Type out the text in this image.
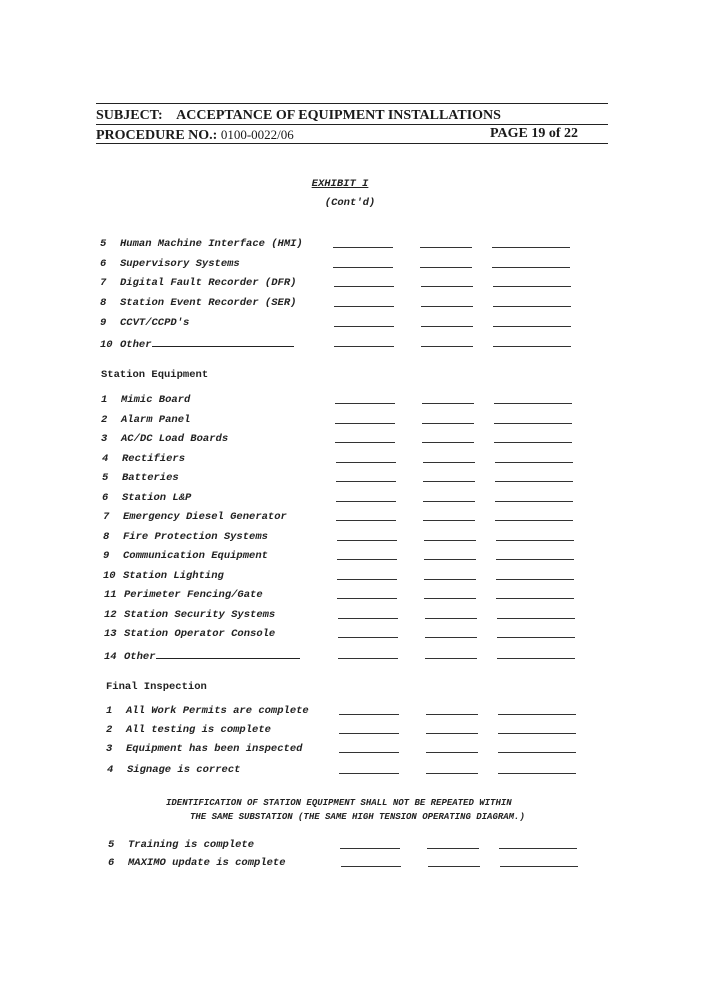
SUBJECT: ACCEPTANCE OF EQUIPMENT INSTALLATIONS
PROCEDURE NO.: 0100-0022/06	PAGE 19 of 22
EXHIBIT I
(Cont'd)
5 Human Machine Interface (HMI)
6 Supervisory Systems
7 Digital Fault Recorder (DFR)
8 Station Event Recorder (SER)
9 CCVT/CCPD's
10 Other
Station Equipment
1 Mimic Board
2 Alarm Panel
3 AC/DC Load Boards
4 Rectifiers
5 Batteries
6 Station L&P
7 Emergency Diesel Generator
8 Fire Protection Systems
9 Communication Equipment
10 Station Lighting
11 Perimeter Fencing/Gate
12 Station Security Systems
13 Station Operator Console
14 Other
Final Inspection
1 All Work Permits are complete
2 All testing is complete
3 Equipment has been inspected
4 Signage is correct
IDENTIFICATION OF STATION EQUIPMENT SHALL NOT BE REPEATED WITHIN
THE SAME SUBSTATION (THE SAME HIGH TENSION OPERATING DIAGRAM.)
5 Training is complete
6 MAXIMO update is complete
